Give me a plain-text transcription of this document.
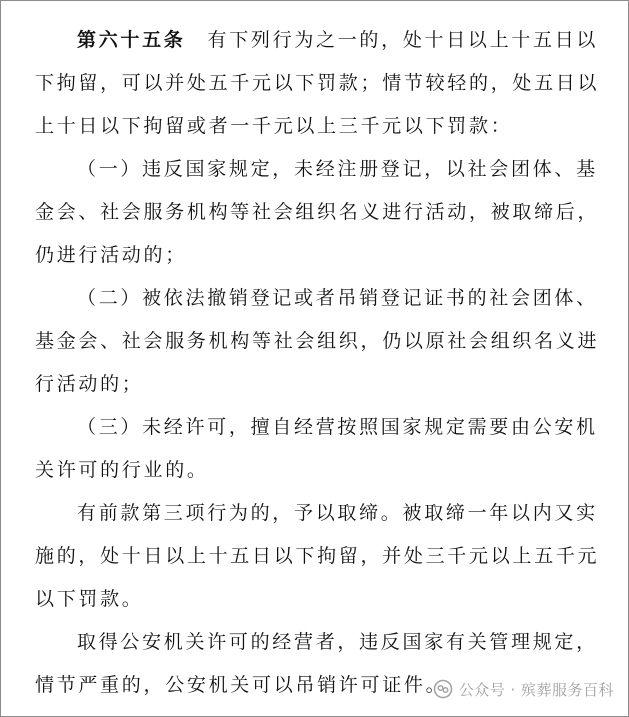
第六十五条 有下列行为之一的，处十日以上十五日以
下拘留，可以并处五千元以下罚款；情节较轻的，处五日以
上十日以下拘留或者一千元以上三千元以下罚款：
（一）违反国家规定，未经注册登记，以社会团体、基
金会、社会服务机构等社会组织名义进行活动，被取缔后，
仍进行活动的；
（二）被依法撤销登记或者吊销登记证书的社会团体、
基金会、社会服务机构等社会组织，仍以原社会组织名义进
行活动的；
（三）未经许可，擅自经营按照国家规定需要由公安机
关许可的行业的。
有前款第三项行为的，予以取缔。被取缔一年以内又实
施的，处十日以上十五日以下拘留，并处三千元以上五千元
以下罚款。
取得公安机关许可的经营者，违反国家有关管理规定，
情节严重的，公安机关可以吊销许可证件。 公众号 · 殡葬服务百科
